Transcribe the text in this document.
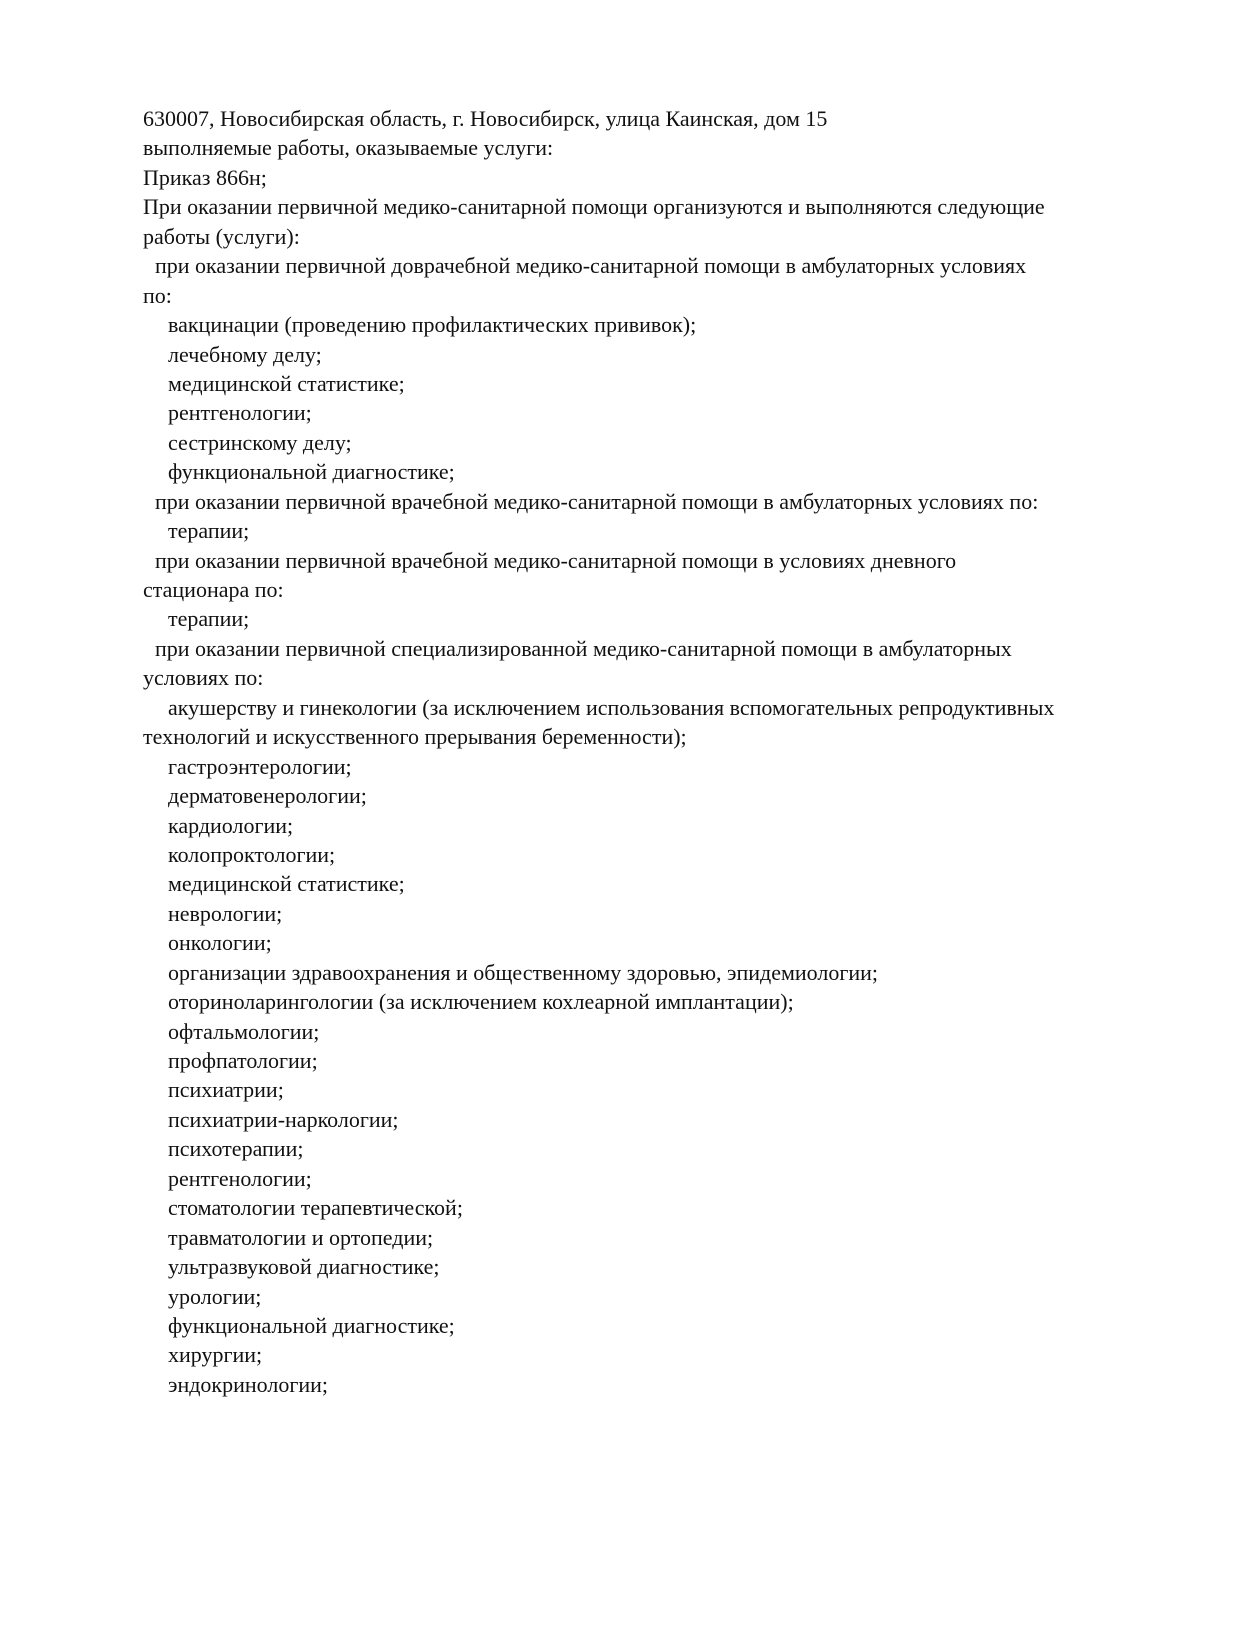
630007, Новосибирская область, г. Новосибирск, улица Каинская, дом 15
выполняемые работы, оказываемые услуги:
Приказ 866н;
При оказании первичной медико-санитарной помощи организуются и выполняются следующие
работы (услуги):
при оказании первичной доврачебной медико-санитарной помощи в амбулаторных условиях
по:
вакцинации (проведению профилактических прививок);
лечебному делу;
медицинской статистике;
рентгенологии;
сестринскому делу;
функциональной диагностике;
при оказании первичной врачебной медико-санитарной помощи в амбулаторных условиях по:
терапии;
при оказании первичной врачебной медико-санитарной помощи в условиях дневного
стационара по:
терапии;
при оказании первичной специализированной медико-санитарной помощи в амбулаторных
условиях по:
акушерству и гинекологии (за исключением использования вспомогательных репродуктивных
технологий и искусственного прерывания беременности);
гастроэнтерологии;
дерматовенерологии;
кардиологии;
колопроктологии;
медицинской статистике;
неврологии;
онкологии;
организации здравоохранения и общественному здоровью, эпидемиологии;
оториноларингологии (за исключением кохлеарной имплантации);
офтальмологии;
профпатологии;
психиатрии;
психиатрии-наркологии;
психотерапии;
рентгенологии;
стоматологии терапевтической;
травматологии и ортопедии;
ультразвуковой диагностике;
урологии;
функциональной диагностике;
хирургии;
эндокринологии;
